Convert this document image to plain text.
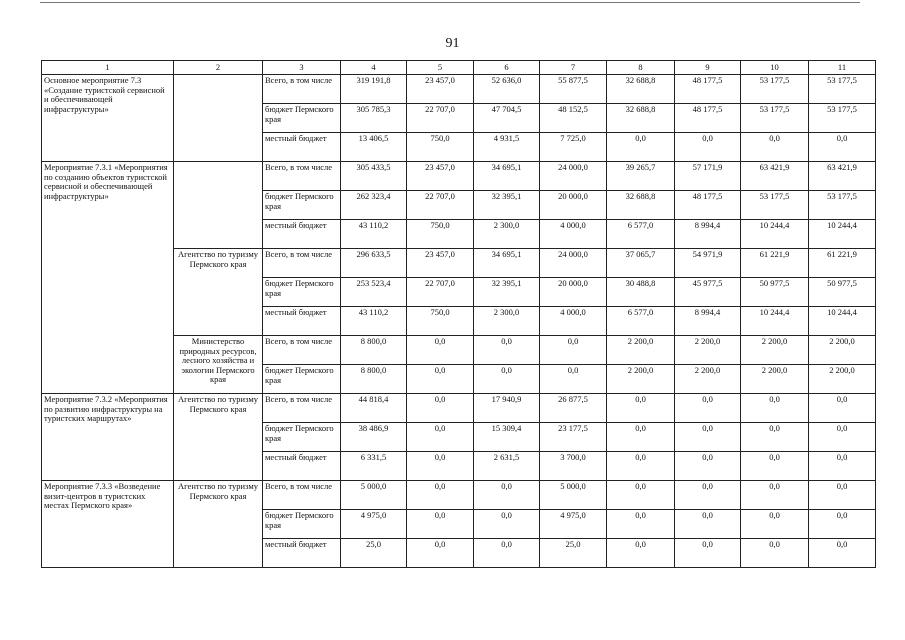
91
1	2	3	4	5	6	7	8	9	10	11
Основное мероприятие 7.3 «Создание туристской сервисной и обеспечивающей инфраструктуры»		Всего, в том числе	319 191,8	23 457,0	52 636,0	55 877,5	32 688,8	48 177,5	53 177,5	53 177,5
		бюджет Пермского края	305 785,3	22 707,0	47 704,5	48 152,5	32 688,8	48 177,5	53 177,5	53 177,5
		местный бюджет	13 406,5	750,0	4 931,5	7 725,0	0,0	0,0	0,0	0,0
Мероприятие 7.3.1 «Мероприятия по созданию объектов туристской сервисной и обеспечивающей инфраструктуры»		Всего, в том числе	305 433,5	23 457,0	34 695,1	24 000,0	39 265,7	57 171,9	63 421,9	63 421,9
		бюджет Пермского края	262 323,4	22 707,0	32 395,1	20 000,0	32 688,8	48 177,5	53 177,5	53 177,5
		местный бюджет	43 110,2	750,0	2 300,0	4 000,0	6 577,0	8 994,4	10 244,4	10 244,4
	Агентство по туризму Пермского края	Всего, в том числе	296 633,5	23 457,0	34 695,1	24 000,0	37 065,7	54 971,9	61 221,9	61 221,9
		бюджет Пермского края	253 523,4	22 707,0	32 395,1	20 000,0	30 488,8	45 977,5	50 977,5	50 977,5
		местный бюджет	43 110,2	750,0	2 300,0	4 000,0	6 577,0	8 994,4	10 244,4	10 244,4
	Министерство природных ресурсов, лесного хозяйства и экологии Пермского края	Всего, в том числе	8 800,0	0,0	0,0	0,0	2 200,0	2 200,0	2 200,0	2 200,0
		бюджет Пермского края	8 800,0	0,0	0,0	0,0	2 200,0	2 200,0	2 200,0	2 200,0
Мероприятие 7.3.2 «Мероприятия по развитию инфраструктуры на туристских маршрутах»	Агентство по туризму Пермского края	Всего, в том числе	44 818,4	0,0	17 940,9	26 877,5	0,0	0,0	0,0	0,0
		бюджет Пермского края	38 486,9	0,0	15 309,4	23 177,5	0,0	0,0	0,0	0,0
		местный бюджет	6 331,5	0,0	2 631,5	3 700,0	0,0	0,0	0,0	0,0
Мероприятие 7.3.3 «Возведение визит-центров в туристских местах Пермского края»	Агентство по туризму Пермского края	Всего, в том числе	5 000,0	0,0	0,0	5 000,0	0,0	0,0	0,0	0,0
		бюджет Пермского края	4 975,0	0,0	0,0	4 975,0	0,0	0,0	0,0	0,0
		местный бюджет	25,0	0,0	0,0	25,0	0,0	0,0	0,0	0,0
